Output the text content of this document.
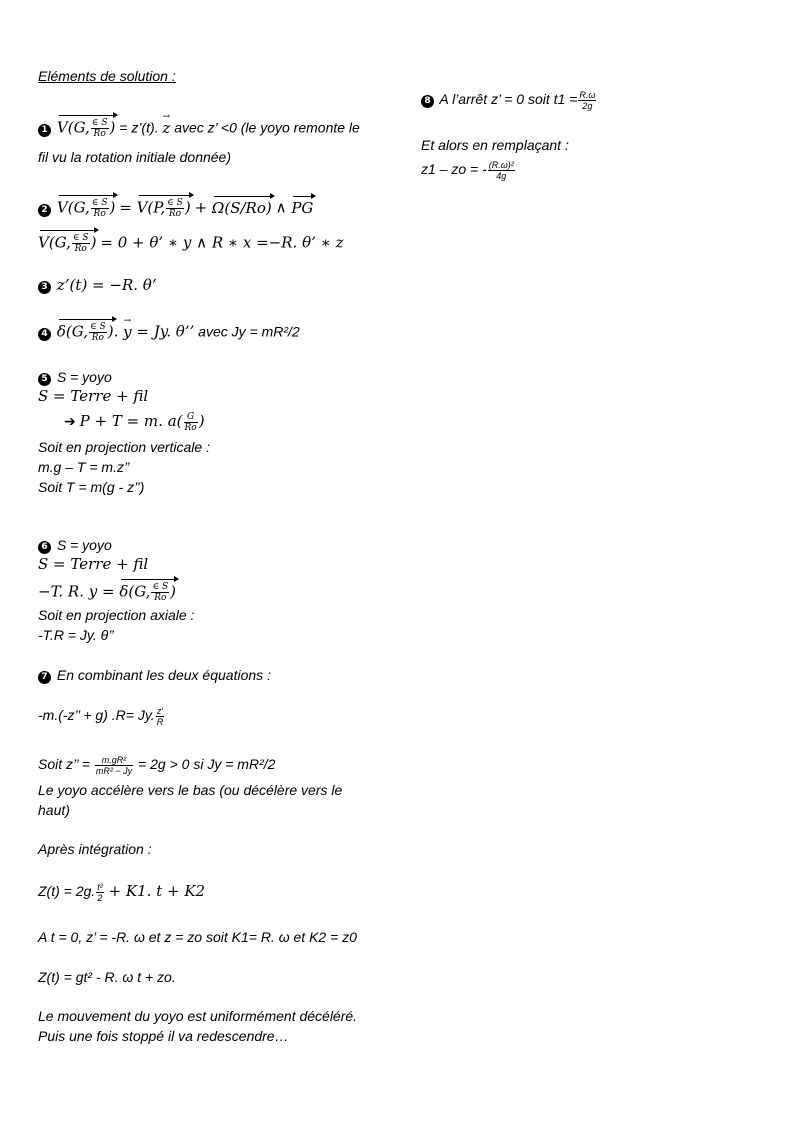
Eléments de solution :
1 V(G, $\frac{\in S}{Ro}$ ) = z’(t). z → avec z’ <0 (le yoyo remonte le
fil vu la rotation initiale donnée)
2 V(G, $\frac{\in S}{Ro}$ ) = V(P, $\frac{\in S}{Ro}$ ) + Ω(S/Ro) ∧ PG
V(G, $\frac{\in S}{Ro}$ ) = 0 + θ’ ∗ y ∧ R ∗ x =−R. θ’ ∗ z
3 z’(t) = −R. θ’
4 δ(G, $\frac{\in S}{Ro}$ ). y → = Jy. θ’’ avec Jy = mR²/2
5 S = yoyo
S = Terre + fil
➔ P + T = m. $a( \frac{G}{Ro}$ )
Soit en projection verticale :
m.g – T = m.z’’
Soit T = m(g - z’’)
6 S = yoyo
S = Terre + fil
−T. R. y = δ(G, $\frac{\in S}{Ro}$ )
Soit en projection axiale :
-T.R = Jy. θ’’
7 En combinant les deux équations :
-m.(-z’’ + g) .R= Jy. $\frac{z'}{R}$
Soit z’’ = $\frac{\text{m.gR²}}{\text{mR² − Jy}} = 2g > 0$ si Jy = mR²/2
Le yoyo accélère vers le bas (ou décélère vers le
haut)
Après intégration :
Z(t) = 2g. $\frac{\text{t²}}{2} + K1$. t + K2
A t = 0, z’ = -R. ω et z = zo soit K1= R. ω et K2 = z0
Z(t) = gt² - R. ω t + zo.
Le mouvement du yoyo est uniformément décéléré.
Puis une fois stoppé il va redescendre…
8 A l’arrêt z’ = 0 soit $t1 = \frac{R.\omega}{2g}$
Et alors en remplaçant :
z1 – zo = - $\frac{\text{(R.ω)²}}{4g}$
